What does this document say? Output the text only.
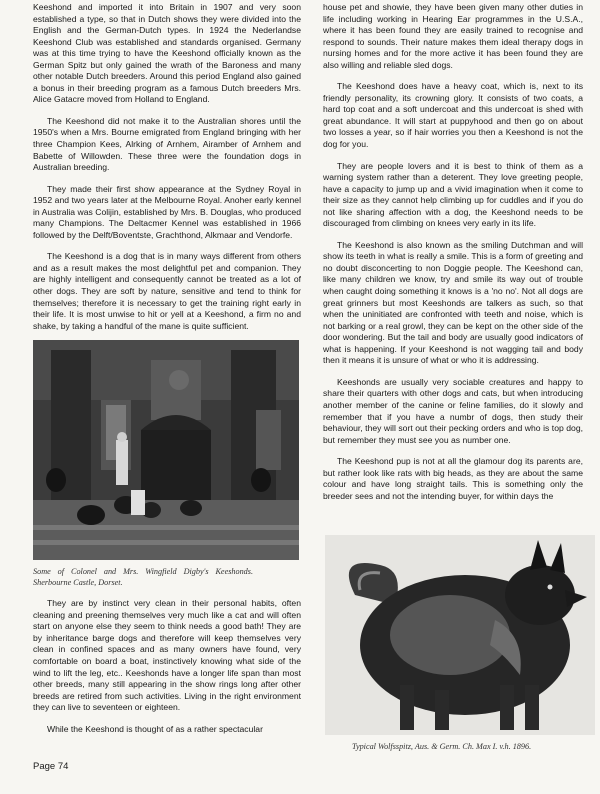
Keeshond and imported it into Britain in 1907 and very soon established a type, so that in Dutch shows they were divided into the English and the German-Dutch types. In 1924 the Nederlandse Keeshond Club was established and standards organised. Germany was at this time trying to have the Keeshond officially known as the German Spitz but only gained the wrath of the Baroness and many other notable Dutch breeders. Around this period England also gained a bonus in their breeding program as a famous Dutch breeders Mrs. Alice Gatacre moved from Holland to England.

The Keeshond did not make it to the Australian shores until the 1950's when a Mrs. Bourne emigrated from England bringing with her three Champion Kees, Alrking of Arnhem, Airamber of Arnhem and Babette of Willowden. These three were the foundation dogs in Australian breeding.

They made their first show appearance at the Sydney Royal in 1952 and two years later at the Melbourne Royal. Anoher early kennel in Australia was Colijin, established by Mrs. B. Douglas, who produced many Champions. The Deltacmer Kennel was established in 1966 followed by the Delft/Boventste, Grachthond, Alkmaar and Vendorfe.

The Keeshond is a dog that is in many ways different from others and as a result makes the most delightful pet and companion. They are highly intelligent and consequently cannot be treated as a lot of other dogs. They are soft by nature, sensitive and tend to think for themselves; therefore it is necessary to get the training right early in their life. It is most unwise to hit or yell at a Keeshond, a firm no and shake, by taking a handful of the mane is quite sufficient.

Some of Colonel and Mrs. Wingfield Digby's Keeshonds. Sherbourne Castle, Dorset.

They are by instinct very clean in their personal habits, often cleaning and preening themselves very much like a cat and will often start on anyone else they seem to think needs a good bath! They are by inheritance barge dogs and therefore will keep themselves very clean in confined spaces and as many owners have found, very comfortable on board a boat, instinctively knowing what side of the wind to lift the leg, etc.. Keeshonds have a longer life span than most other breeds, many still appearing in the show rings long after other breeds are retired from such activities. Living in the right environment they can live to seventeen or eighteen.

While the Keeshond is thought of as a rather spectacular

house pet and showie, they have been given many other duties in life including working in Hearing Ear programmes in the U.S.A., where it has been found they are easily trained to recognise and respond to sounds. Their nature makes them ideal therapy dogs in nursing homes and for the more active it has been found they are also willing and reliable sled dogs.

The Keeshond does have a heavy coat, which is, next to its friendly personality, its crowning glory. It consists of two coats, a hard top coat and a soft undercoat and this undercoat is shed with great abundance. It will start at puppyhood and then go on about two losses a year, so if hair worries you then a Keeshond is not the dog for you.

They are people lovers and it is best to think of them as a warning system rather than a deterent. They love greeting people, have a capacity to jump up and a vivid imagination when it come to their size as they cannot help climbing up for cuddles and if you do not like sharing affection with a dog, the Keeshond needs to be discouraged from climbing on knees very early in its life.

The Keeshond is also known as the smiling Dutchman and will show its teeth in what is really a smile. This is a form of greeting and no doubt disconcerting to non Doggie people. The Keeshond can, like many children we know, try and smile its way out of trouble when caught doing something it knows is a 'no no'. Not all dogs are great grinners but most Keeshonds are talkers as such, so that when the uninitiated are confronted with teeth and noise, which is not barking or a real growl, they can be kept on the other side of the door wondering. But the tail and body are usually good indicators of what is happening. If your Keeshond is not wagging tail and body then it means it is unsure of what or who it is addressing.

Keeshonds are usually very sociable creatures and happy to share their quarters with other dogs and cats, but when introducing another member of the canine or feline families, do it slowly and remember that if you have a numbr of dogs, then study their behaviour, they will sort out their pecking orders and who is top dog, but remember they must see you as number one.

The Keeshond pup is not at all the glamour dog its parents are, but rather look like rats with big heads, as they are about the same colour and have long straight tails. This is something only the breeder sees and not the intending buyer, for within days the

Typical Wolfsspitz, Aus. & Germ. Ch. Max I. v.h. 1896.
Page 74
